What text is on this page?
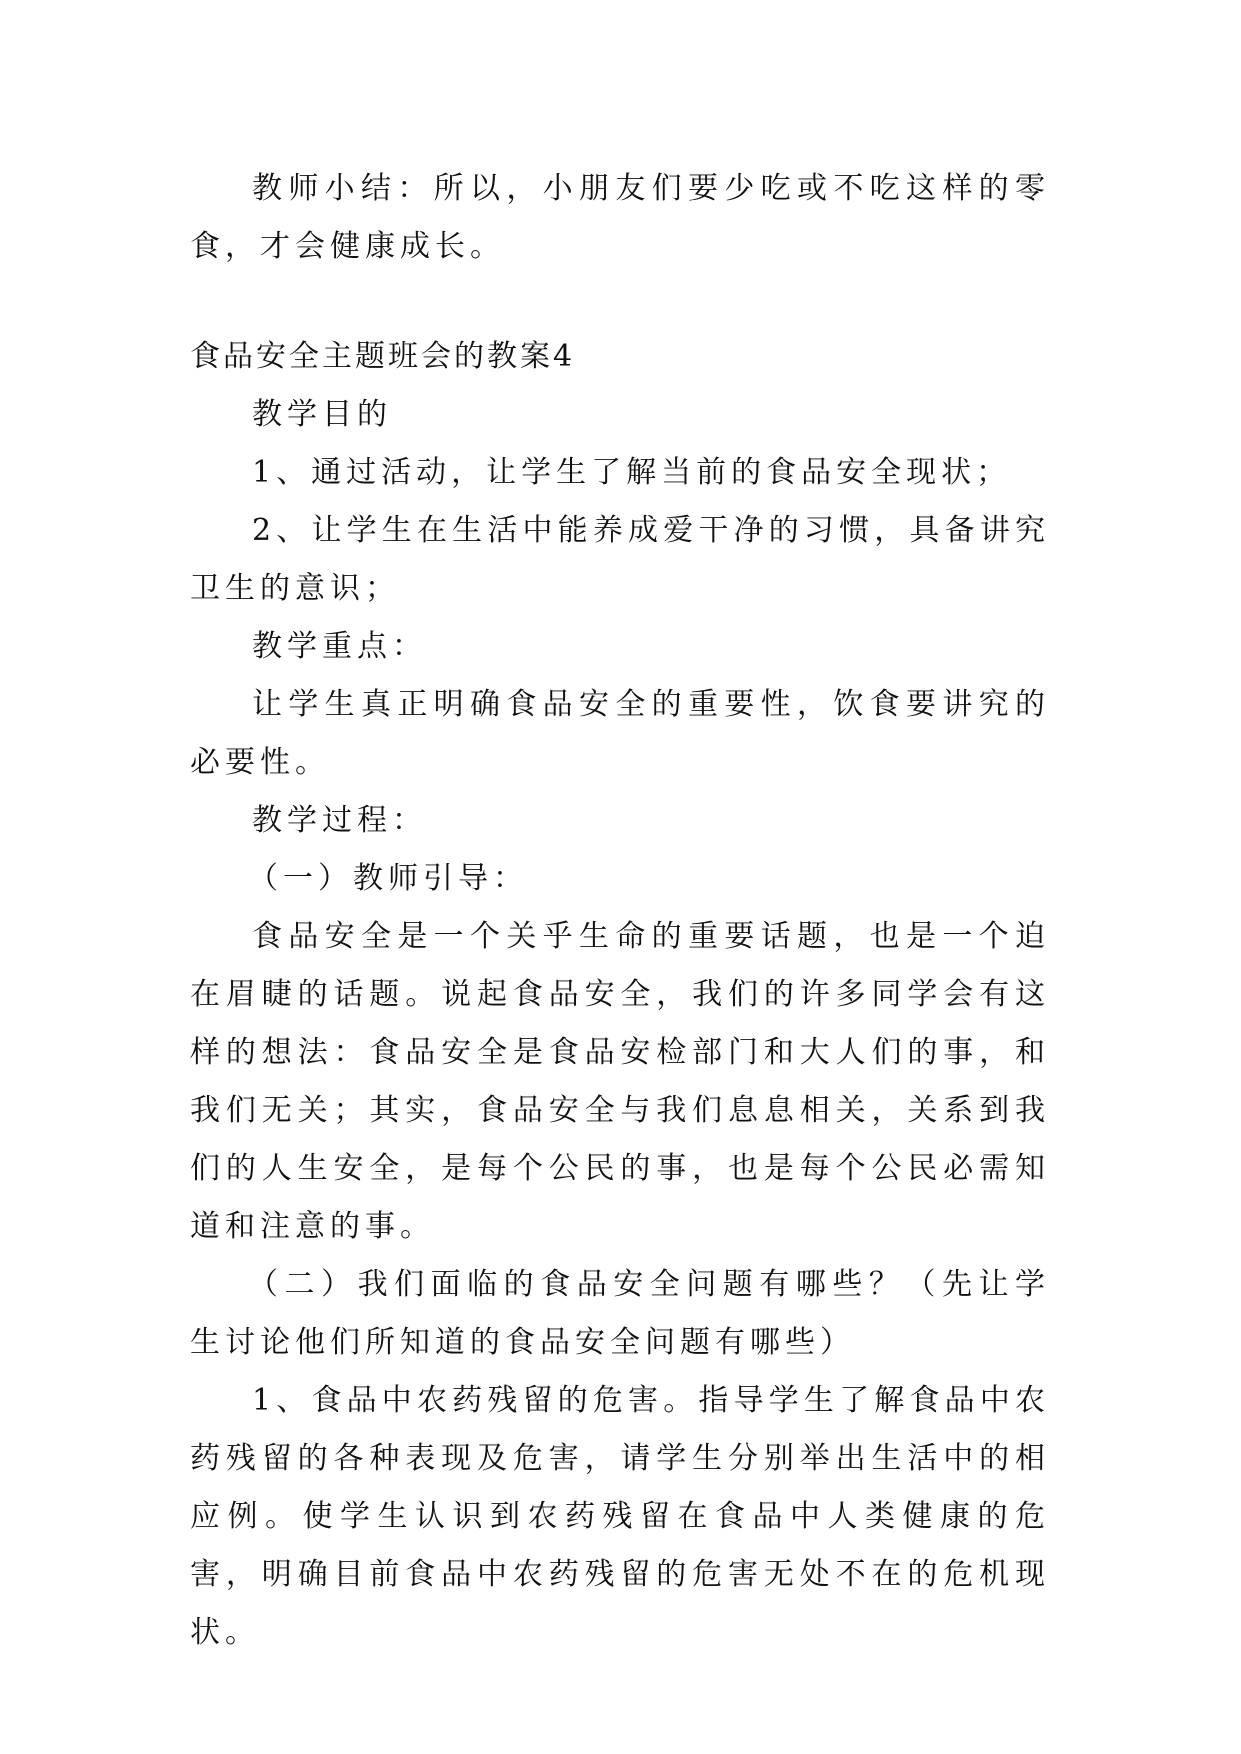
教师小结：所以，小朋友们要少吃或不吃这样的零食，才会健康成长。

食品安全主题班会的教案4

教学目的

1、通过活动，让学生了解当前的食品安全现状；

2、让学生在生活中能养成爱干净的习惯，具备讲究卫生的意识；

教学重点：

让学生真正明确食品安全的重要性，饮食要讲究的必要性。

教学过程：

（一）教师引导：

食品安全是一个关乎生命的重要话题，也是一个迫在眉睫的话题。说起食品安全，我们的许多同学会有这样的想法：食品安全是食品安检部门和大人们的事，和我们无关；其实，食品安全与我们息息相关，关系到我们的人生安全，是每个公民的事，也是每个公民必需知道和注意的事。

（二）我们面临的食品安全问题有哪些？（先让学生讨论他们所知道的食品安全问题有哪些）

1、食品中农药残留的危害。指导学生了解食品中农药残留的各种表现及危害，请学生分别举出生活中的相应例。使学生认识到农药残留在食品中人类健康的危害，明确目前食品中农药残留的危害无处不在的危机现状。
